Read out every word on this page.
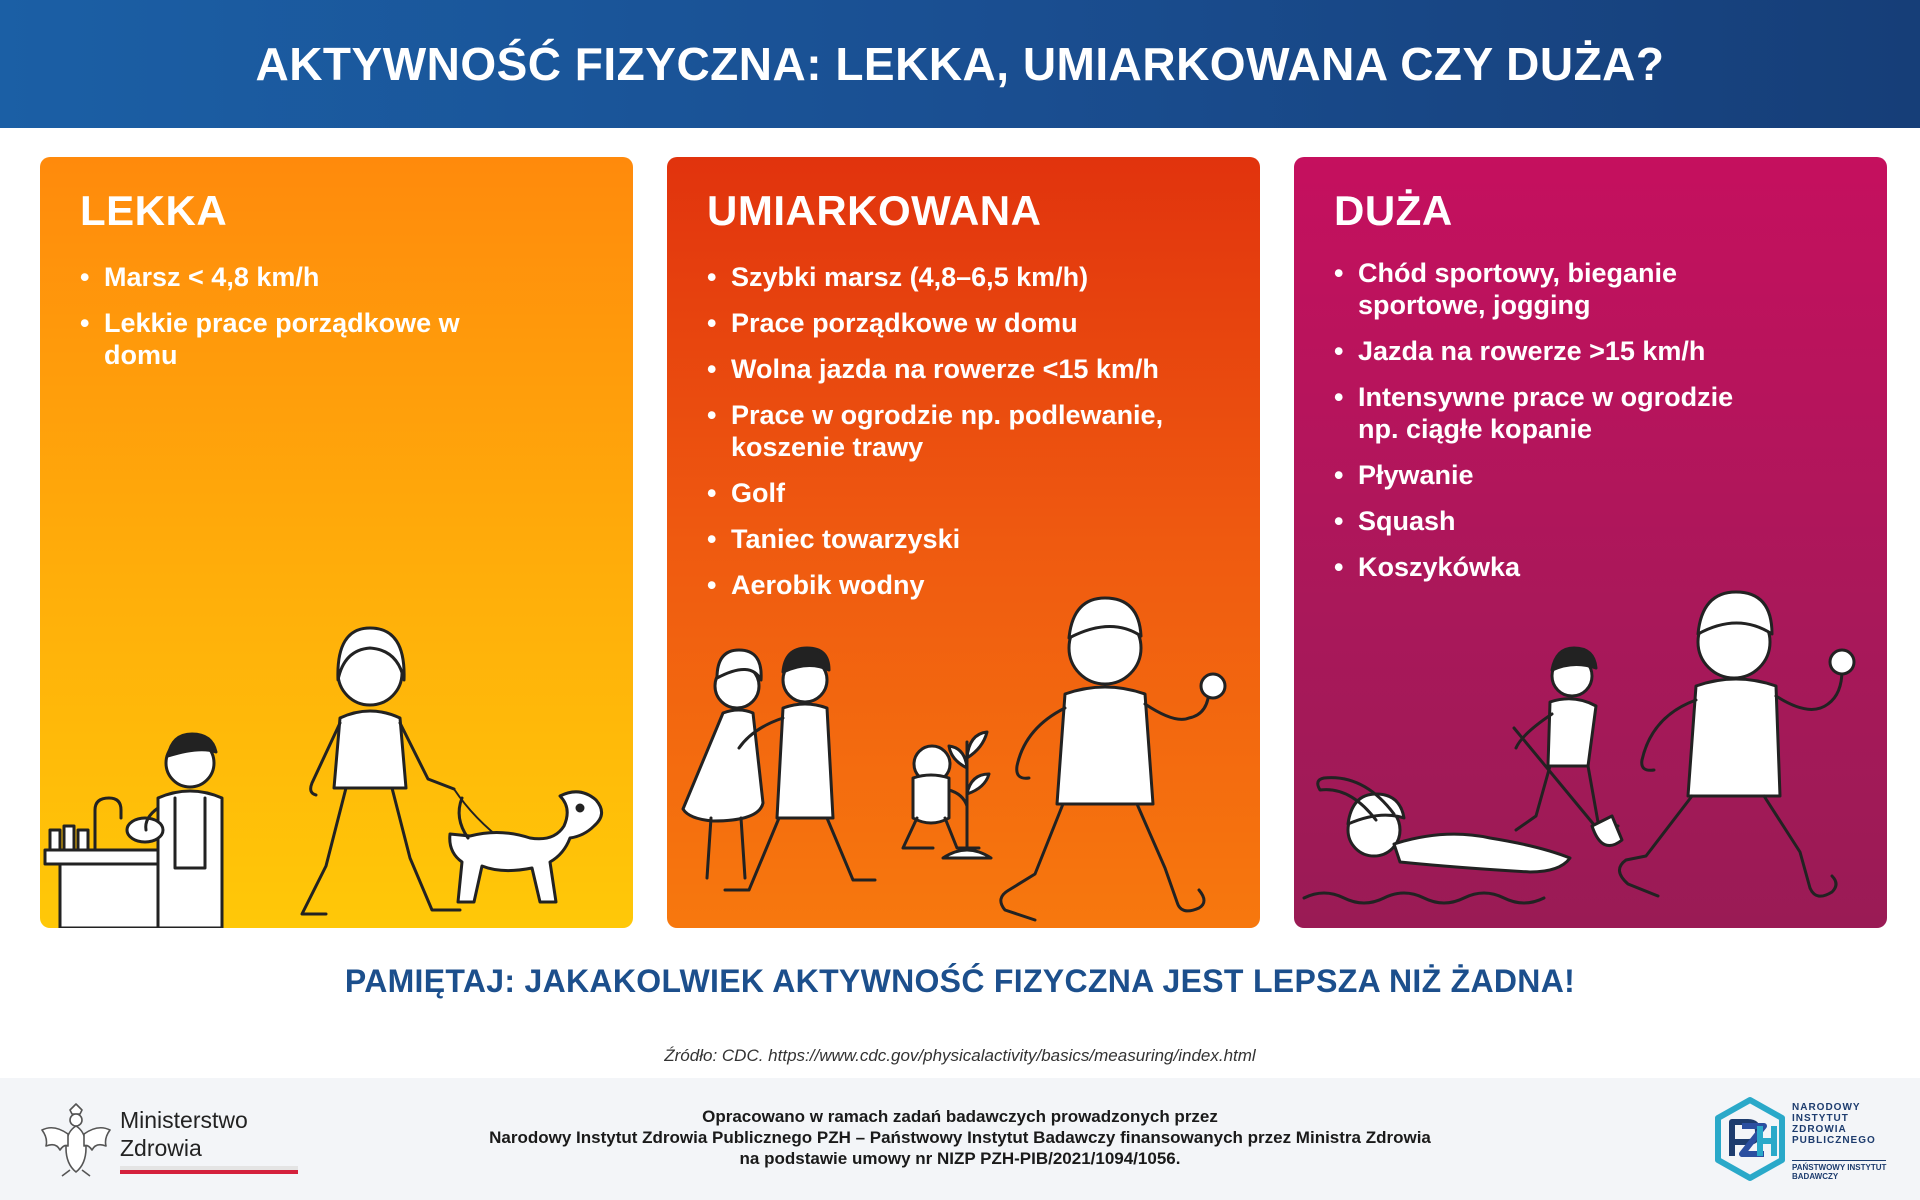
AKTYWNOŚĆ FIZYCZNA: LEKKA, UMIARKOWANA CZY DUŻA?
LEKKA
• Marsz < 4,8 km/h
• Lekkie prace porządkowe w domu
UMIARKOWANA
• Szybki marsz (4,8–6,5 km/h)
• Prace porządkowe w domu
• Wolna jazda na rowerze <15 km/h
• Prace w ogrodzie np. podlewanie, koszenie trawy
• Golf
• Taniec towarzyski
• Aerobik wodny
DUŻA
• Chód sportowy, bieganie sportowe, jogging
• Jazda na rowerze >15 km/h
• Intensywne prace w ogrodzie np. ciągłe kopanie
• Pływanie
• Squash
• Koszykówka
PAMIĘTAJ: JAKAKOLWIEK AKTYWNOŚĆ FIZYCZNA JEST LEPSZA NIŻ ŻADNA!
Źródło: CDC. https://www.cdc.gov/physicalactivity/basics/measuring/index.html
Ministerstwo
Zdrowia
Opracowano w ramach zadań badawczych prowadzonych przez
Narodowy Instytut Zdrowia Publicznego PZH – Państwowy Instytut Badawczy finansowanych przez Ministra Zdrowia
na podstawie umowy nr NIZP PZH-PIB/2021/1094/1056.
NARODOWY
INSTYTUT
ZDROWIA
PUBLICZNEGO
PAŃSTWOWY INSTYTUT
BADAWCZY
